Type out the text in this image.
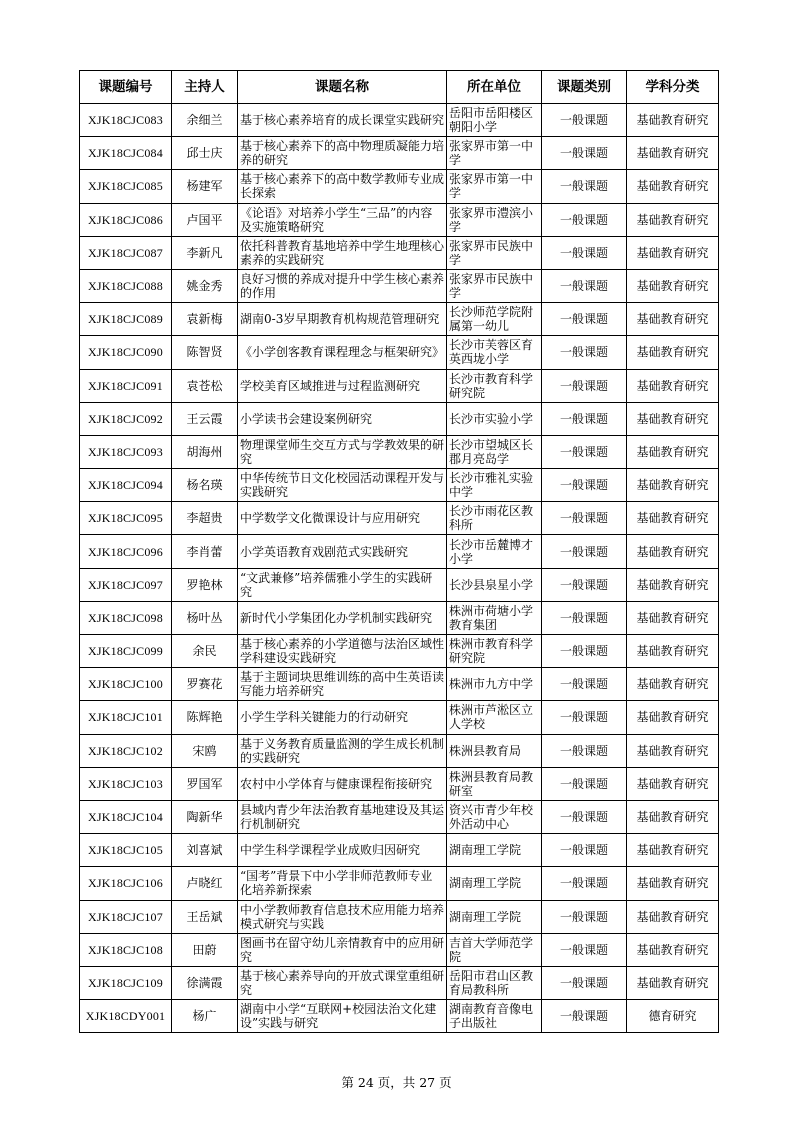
课题编号	主持人	课题名称	所在单位	课题类别	学科分类
XJK18CJC083	余细兰	基于核心素养培育的成长课堂实践研究	岳阳市岳阳楼区朝阳小学	一般课题	基础教育研究
XJK18CJC084	邱士庆	基于核心素养下的高中物理质凝能力培养的研究	张家界市第一中学	一般课题	基础教育研究
XJK18CJC085	杨建军	基于核心素养下的高中数学教师专业成长探索	张家界市第一中学	一般课题	基础教育研究
XJK18CJC086	卢国平	《论语》对培养小学生“三品”的内容及实施策略研究	张家界市澧滨小学	一般课题	基础教育研究
XJK18CJC087	李新凡	依托科普教育基地培养中学生地理核心素养的实践研究	张家界市民族中学	一般课题	基础教育研究
XJK18CJC088	姚金秀	良好习惯的养成对提升中学生核心素养的作用	张家界市民族中学	一般课题	基础教育研究
XJK18CJC089	袁新梅	湖南0-3岁早期教育机构规范管理研究	长沙师范学院附属第一幼儿	一般课题	基础教育研究
XJK18CJC090	陈智贤	《小学创客教育课程理念与框架研究》	长沙市芙蓉区育英西垅小学	一般课题	基础教育研究
XJK18CJC091	袁苍松	学校美育区域推进与过程监测研究	长沙市教育科学研究院	一般课题	基础教育研究
XJK18CJC092	王云霞	小学读书会建设案例研究	长沙市实验小学	一般课题	基础教育研究
XJK18CJC093	胡海州	物理课堂师生交互方式与学教效果的研究	长沙市望城区长郡月亮岛学	一般课题	基础教育研究
XJK18CJC094	杨名瑛	中华传统节日文化校园活动课程开发与实践研究	长沙市雅礼实验中学	一般课题	基础教育研究
XJK18CJC095	李超贵	中学数学文化微课设计与应用研究	长沙市雨花区教科所	一般课题	基础教育研究
XJK18CJC096	李肖蕾	小学英语教育戏剧范式实践研究	长沙市岳麓博才小学	一般课题	基础教育研究
XJK18CJC097	罗艳林	“文武兼修”培养儒雅小学生的实践研究	长沙县泉星小学	一般课题	基础教育研究
XJK18CJC098	杨叶丛	新时代小学集团化办学机制实践研究	株洲市荷塘小学教育集团	一般课题	基础教育研究
XJK18CJC099	余民	基于核心素养的小学道德与法治区域性学科建设实践研究	株洲市教育科学研究院	一般课题	基础教育研究
XJK18CJC100	罗赛花	基于主题词块思维训练的高中生英语读写能力培养研究	株洲市九方中学	一般课题	基础教育研究
XJK18CJC101	陈辉艳	小学生学科关键能力的行动研究	株洲市芦淞区立人学校	一般课题	基础教育研究
XJK18CJC102	宋鸥	基于义务教育质量监测的学生成长机制的实践研究	株洲县教育局	一般课题	基础教育研究
XJK18CJC103	罗国军	农村中小学体育与健康课程衔接研究	株洲县教育局教研室	一般课题	基础教育研究
XJK18CJC104	陶新华	县域内青少年法治教育基地建设及其运行机制研究	资兴市青少年校外活动中心	一般课题	基础教育研究
XJK18CJC105	刘喜斌	中学生科学课程学业成败归因研究	湖南理工学院	一般课题	基础教育研究
XJK18CJC106	卢晓红	“国考”背景下中小学非师范教师专业化培养新探索	湖南理工学院	一般课题	基础教育研究
XJK18CJC107	王岳斌	中小学教师教育信息技术应用能力培养模式研究与实践	湖南理工学院	一般课题	基础教育研究
XJK18CJC108	田蔚	图画书在留守幼儿亲情教育中的应用研究	吉首大学师范学院	一般课题	基础教育研究
XJK18CJC109	徐满霞	基于核心素养导向的开放式课堂重组研究	岳阳市君山区教育局教科所	一般课题	基础教育研究
XJK18CDY001	杨广	湖南中小学“互联网+校园法治文化建设”实践与研究	湖南教育音像电子出版社	一般课题	德育研究
第 24 页，共 27 页
